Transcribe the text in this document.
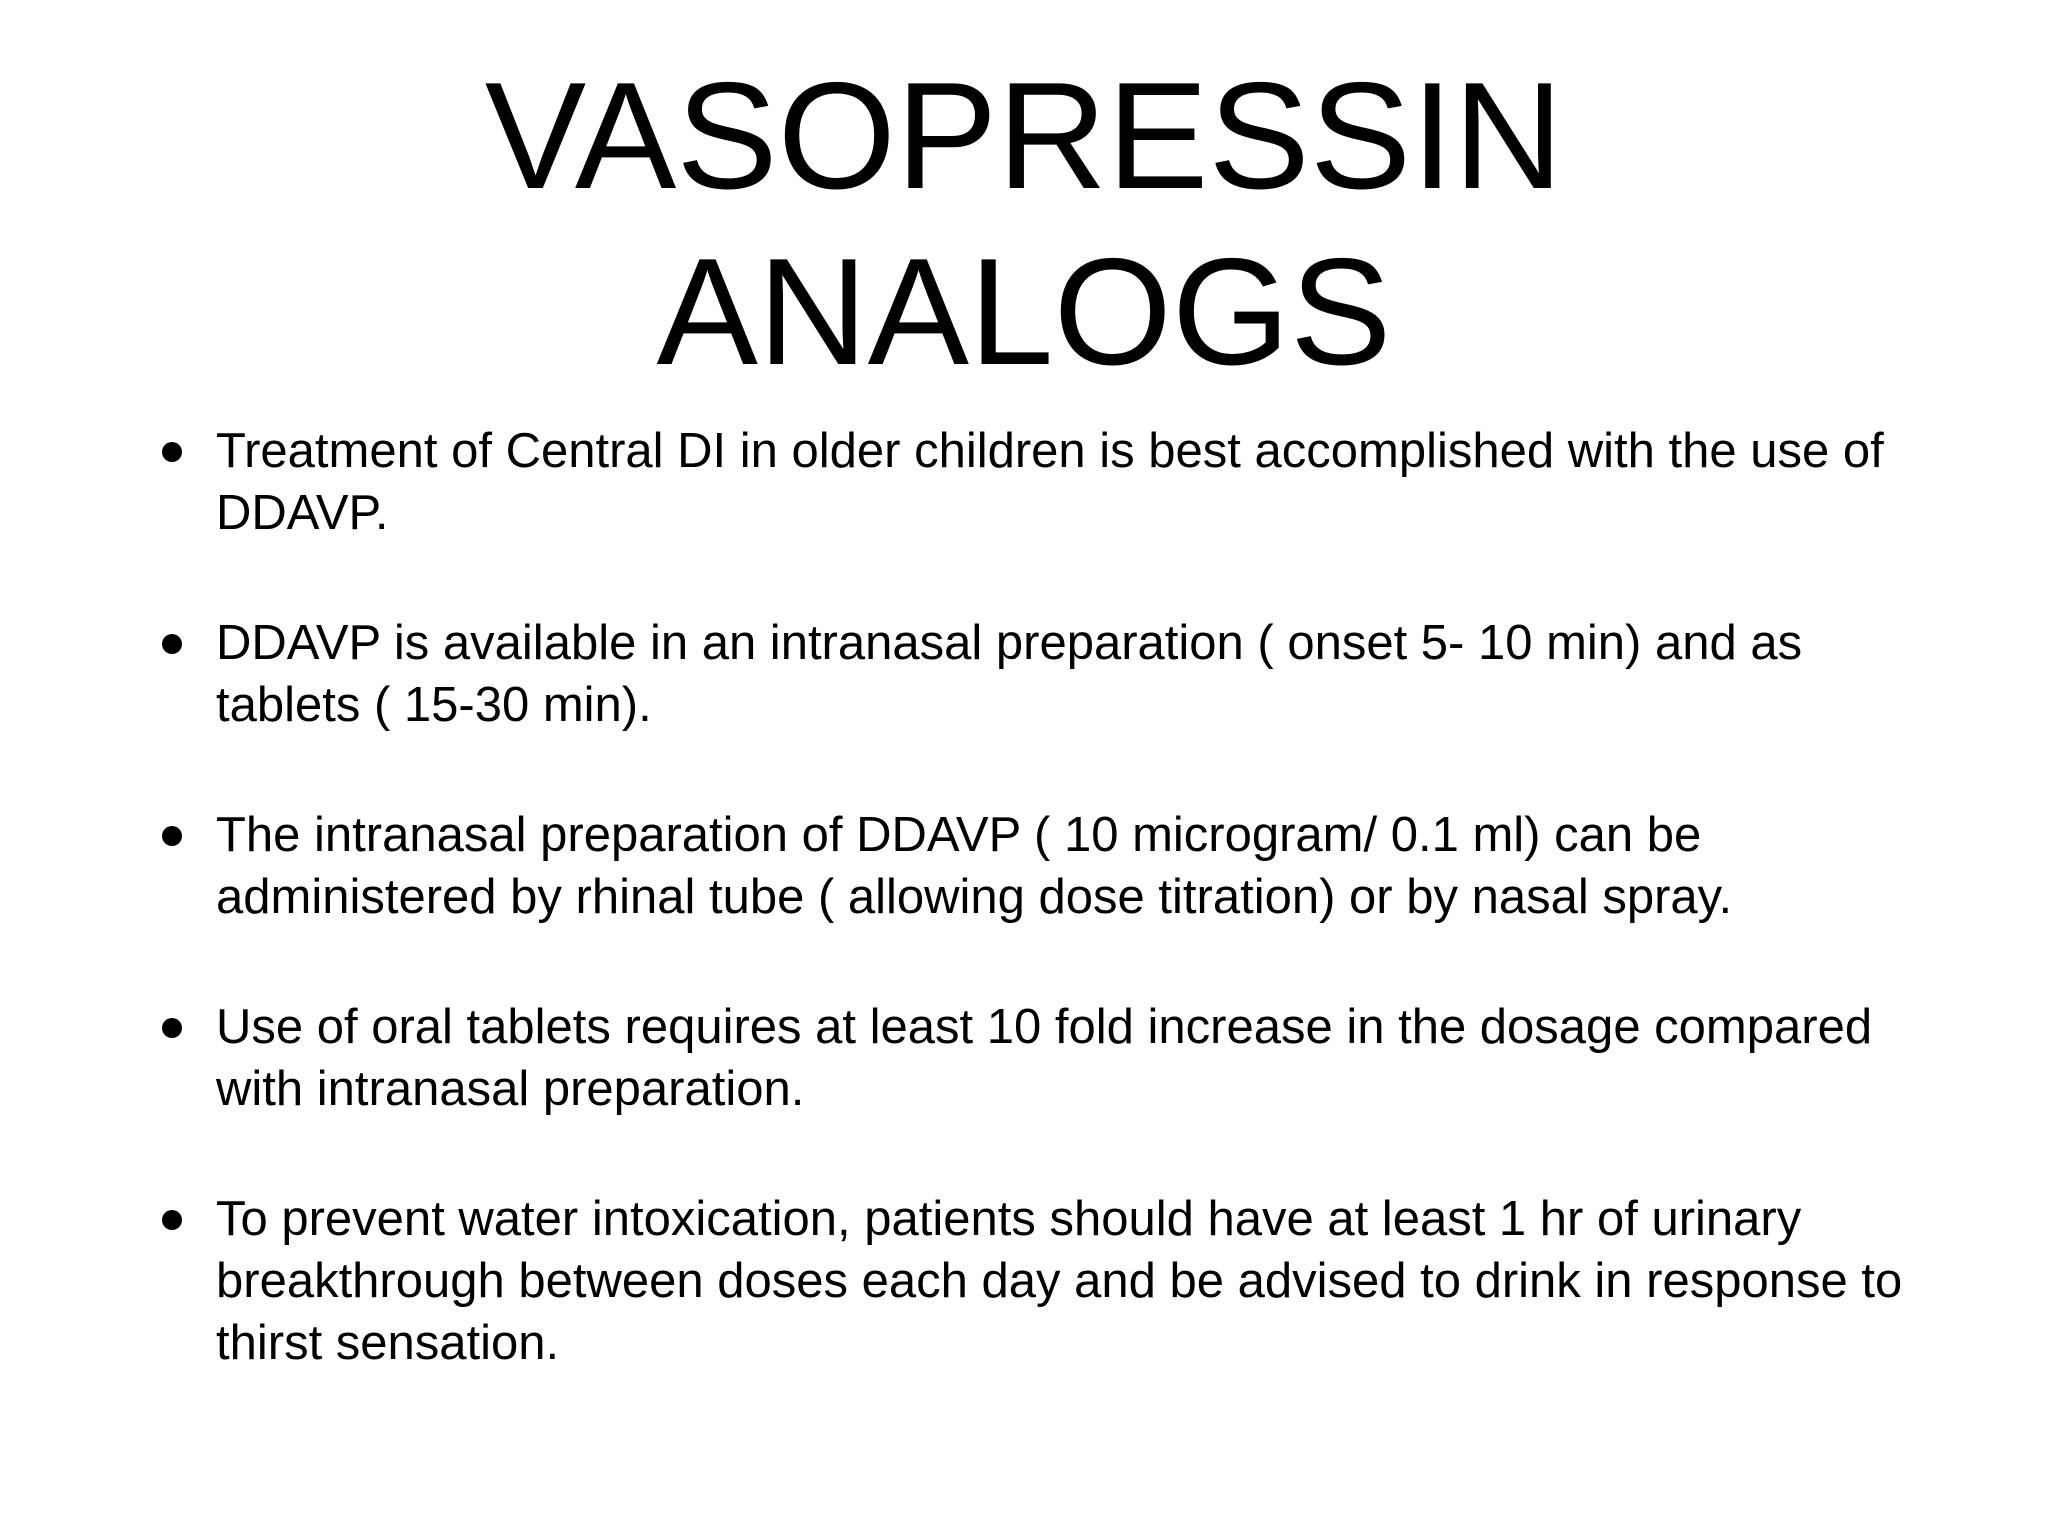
VASOPRESSIN
ANALOGS
Treatment of Central DI in older children is best accomplished with the use of DDAVP.
DDAVP is available in an intranasal preparation ( onset 5- 10 min) and as tablets ( 15-30 min).
The intranasal preparation of DDAVP ( 10 microgram/ 0.1 ml) can be administered by rhinal tube ( allowing dose titration) or by nasal spray.
Use of oral tablets requires at least 10 fold increase in the dosage compared with intranasal preparation.
To prevent water intoxication, patients should have at least 1 hr of urinary breakthrough between doses each day and be advised to drink in response to thirst sensation.
